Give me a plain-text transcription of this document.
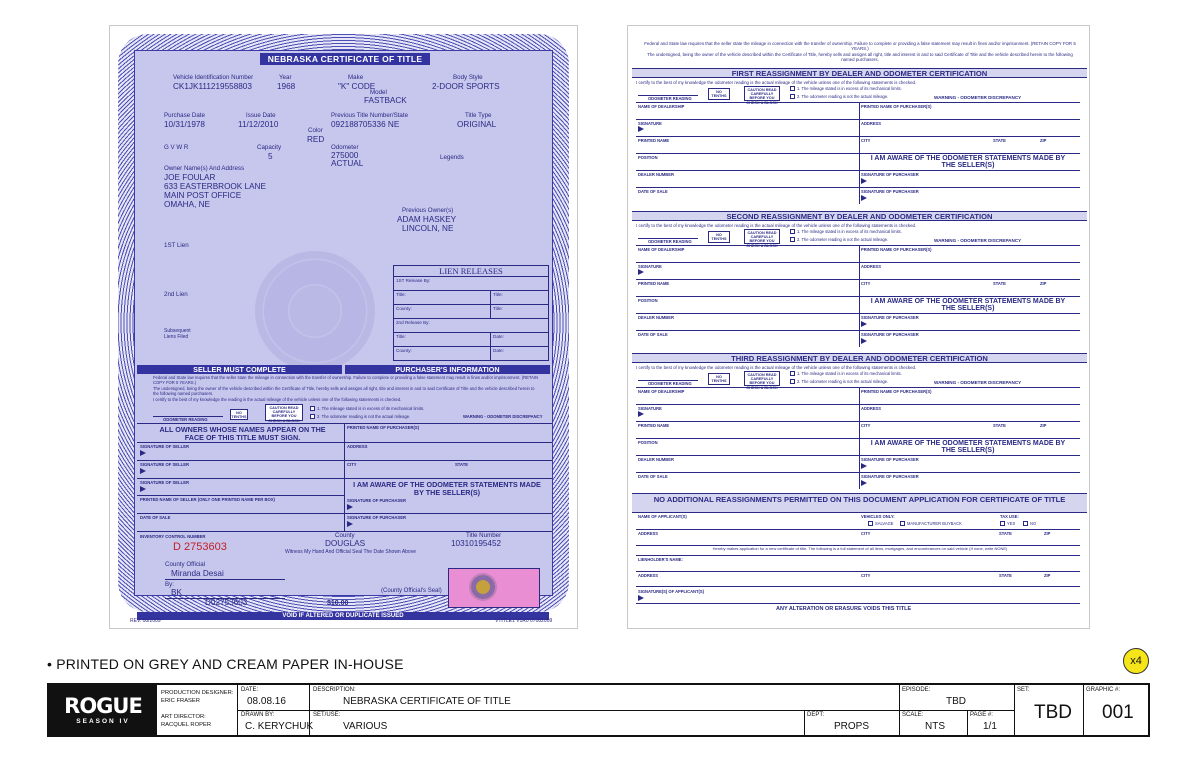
NEBRASKA CERTIFICATE OF TITLE
Vehicle Identification Number
CK1JK111219558803
Year
1968
Make
"K" CODE
Model
FASTBACK
Body Style
2-DOOR SPORTS
Purchase Date
10/31/1978
Issue Date
11/12/2010
Previous Title Number/State
092188705336 NE
Title Type
ORIGINAL
Color
RED
G V W R	Capacity
5
Odometer
275000
ACTUAL
Legends
Owner Name(s) And Address
JOE FOULAR
633 EASTERBROOK LANE
MAIN POST OFFICE
OMAHA, NE
Previous Owner(s)
ADAM HASKEY
LINCOLN, NE
1ST Lien
2nd Lien
Subsequent
Liens Filed
LIEN RELEASES
1ST Release By:
Title:	Title:
County:	Title:
2nd Release By:
Title:	Date:
County:	Date:
SELLER MUST COMPLETE	PURCHASER'S INFORMATION
Federal and State law requires that the seller state the mileage in connection with the transfer of ownership. Failure to complete or providing a false statement may result in fines and/or imprisonment. (RETAIN COPY FOR 5 YEARS.)
The undersigned, being the owner of the vehicle described within the Certificate of Title, hereby sells and assigns all right, title and interest in and to said Certificate of Title and the vehicle described herein to the following named purchasers.
I certify to the best of my knowledge the reading is the actual mileage of the vehicle unless one of the following statements is checked.
ODOMETER READING
NO TENTHS
CAUTION READ CAREFULLY BEFORE YOU CHECK A BLOCK
1. The mileage stated is in excess of its mechanical limits.
2. The odometer reading is not the actual mileage.	WARNING - ODOMETER DISCREPANCY
ALL OWNERS WHOSE NAMES APPEAR ON THE FACE OF THIS TITLE MUST SIGN.
PRINTED NAME OF PURCHASER(S)
SIGNATURE OF SELLER	ADDRESS
SIGNATURE OF SELLER	CITY	STATE
SIGNATURE OF SELLER	I AM AWARE OF THE ODOMETER STATEMENTS MADE BY THE SELLER(S)
PRINTED NAME OF SELLER (ONLY ONE PRINTED NAME PER BOX)	SIGNATURE OF PURCHASER
DATE OF SALE	SIGNATURE OF PURCHASER
INVENTORY CONTROL NUMBER
D 2753603
County
DOUGLAS
Title Number
10310195452
Witness My Hand And Official Seal The Date Shown Above
County Official
Miranda Desai
By:
BK
D02753603	$10.00
(County Official's Seal)
VOID IF ALTERED OR DUPLICATE ISSUED
REV. 08/2009	VTITLE1 V1R0 07082009
Federal and State law requires that the seller state the mileage in connection with the transfer of ownership. Failure to complete or providing a false statement may result in fines and/or imprisonment. (RETAIN COPY FOR 5 YEARS.)
The undersigned, being the owner of the vehicle described within the Certificate of Title, hereby sells and assigns all right, title and interest in and to said Certificate of Title and the vehicle described herein to the following named purchasers.
FIRST REASSIGNMENT BY DEALER AND ODOMETER CERTIFICATION
I certify to the best of my knowledge the odometer reading is the actual mileage of the vehicle unless one of the following statements is checked.
ODOMETER READING
NO TENTHS
CAUTION READ CAREFULLY BEFORE YOU
1. The mileage stated is in excess of its mechanical limits.
2. The odometer reading is not the actual mileage.	WARNING - ODOMETER DISCREPANCY
NAME OF DEALERSHIP	PRINTED NAME OF PURCHASER(S)
SIGNATURE	ADDRESS
PRINTED NAME	CITY	STATE	ZIP
POSITION	I AM AWARE OF THE ODOMETER STATEMENTS MADE BY THE SELLER(S)
DEALER NUMBER	SIGNATURE OF PURCHASER
DATE OF SALE	SIGNATURE OF PURCHASER
SECOND REASSIGNMENT BY DEALER AND ODOMETER CERTIFICATION
I certify to the best of my knowledge the odometer reading is the actual mileage of the vehicle unless one of the following statements is checked.
ODOMETER READING
NO TENTHS
CAUTION READ CAREFULLY BEFORE YOU
1. The mileage stated is in excess of its mechanical limits.
2. The odometer reading is not the actual mileage.	WARNING - ODOMETER DISCREPANCY
NAME OF DEALERSHIP	PRINTED NAME OF PURCHASER(S)
SIGNATURE	ADDRESS
PRINTED NAME	CITY	STATE	ZIP
POSITION	I AM AWARE OF THE ODOMETER STATEMENTS MADE BY THE SELLER(S)
DEALER NUMBER	SIGNATURE OF PURCHASER
DATE OF SALE	SIGNATURE OF PURCHASER
THIRD REASSIGNMENT BY DEALER AND ODOMETER CERTIFICATION
I certify to the best of my knowledge the odometer reading is the actual mileage of the vehicle unless one of the following statements is checked.
ODOMETER READING
NO TENTHS
CAUTION READ CAREFULLY BEFORE YOU
1. The mileage stated is in excess of its mechanical limits.
2. The odometer reading is not the actual mileage.	WARNING - ODOMETER DISCREPANCY
NAME OF DEALERSHIP	PRINTED NAME OF PURCHASER(S)
SIGNATURE	ADDRESS
PRINTED NAME	CITY	STATE	ZIP
POSITION	I AM AWARE OF THE ODOMETER STATEMENTS MADE BY THE SELLER(S)
DEALER NUMBER	SIGNATURE OF PURCHASER
DATE OF SALE	SIGNATURE OF PURCHASER
NO ADDITIONAL REASSIGNMENTS PERMITTED ON THIS DOCUMENT APPLICATION FOR CERTIFICATE OF TITLE
NAME OF APPLICANT(S)	VEHICLES ONLY:
SALVAGE	MANUFACTURER BUYBACK
TAX USE:
YES	NO
ADDRESS	CITY	STATE	ZIP
Hereby makes application for a new certificate of title. The following is a full statement of all liens, mortgages, and encumbrances on said vehicle (If none, write NONE)
LIENHOLDER'S NAME:
ADDRESS	CITY	STATE	ZIP
SIGNATURE(S) OF APPLICANT(S)
ANY ALTERATION OR ERASURE VOIDS THIS TITLE
• PRINTED ON GREY AND CREAM PAPER IN-HOUSE	x4
ROGUE
SEASON IV
PRODUCTION DESIGNER:
ERIC FRASER
ART DIRECTOR:
RACQUEL ROPER
DATE:
08.08.16
DESCRIPTION:
NEBRASKA CERTIFICATE OF TITLE
EPISODE:
TBD
SET:
TBD
GRAPHIC #:
001
DRAWN BY:
C. KERYCHUK
SET/USE:
VARIOUS
DEPT:
PROPS
SCALE:
NTS
PAGE #:
1/1
